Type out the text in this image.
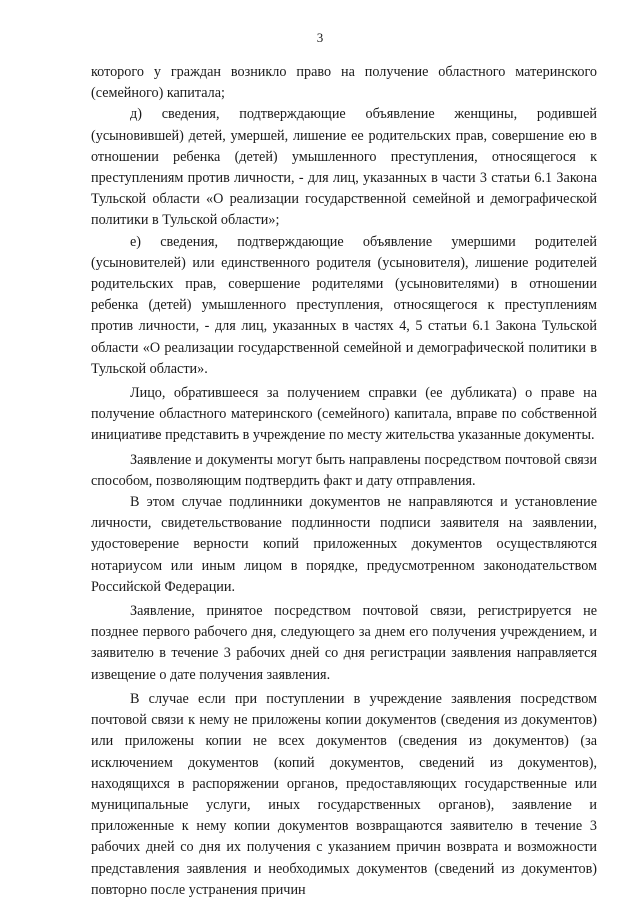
3

которого у граждан возникло право на получение областного материнского (семейного) капитала;

д) сведения, подтверждающие объявление женщины, родившей (усыновившей) детей, умершей, лишение ее родительских прав, совершение ею в отношении ребенка (детей) умышленного преступления, относящегося к преступлениям против личности, - для лиц, указанных в части 3 статьи 6.1 Закона Тульской области «О реализации государственной семейной и демографической политики в Тульской области»;

е) сведения, подтверждающие объявление умершими родителей (усыновителей) или единственного родителя (усыновителя), лишение родителей родительских прав, совершение родителями (усыновителями) в отношении ребенка (детей) умышленного преступления, относящегося к преступлениям против личности, - для лиц, указанных в частях 4, 5 статьи 6.1 Закона Тульской области «О реализации государственной семейной и демографической политики в Тульской области».

Лицо, обратившееся за получением справки (ее дубликата) о праве на получение областного материнского (семейного) капитала, вправе по собственной инициативе представить в учреждение по месту жительства указанные документы.

Заявление и документы могут быть направлены посредством почтовой связи способом, позволяющим подтвердить факт и дату отправления.

В этом случае подлинники документов не направляются и установление личности, свидетельствование подлинности подписи заявителя на заявлении, удостоверение верности копий приложенных документов осуществляются нотариусом или иным лицом в порядке, предусмотренном законодательством Российской Федерации.

Заявление, принятое посредством почтовой связи, регистрируется не позднее первого рабочего дня, следующего за днем его получения учреждением, и заявителю в течение 3 рабочих дней со дня регистрации заявления направляется извещение о дате получения заявления.

В случае если при поступлении в учреждение заявления посредством почтовой связи к нему не приложены копии документов (сведения из документов) или приложены копии не всех документов (сведения из документов) (за исключением документов (копий документов, сведений из документов), находящихся в распоряжении органов, предоставляющих государственные или муниципальные услуги, иных государственных органов), заявление и приложенные к нему копии документов возвращаются заявителю в течение 3 рабочих дней со дня их получения с указанием причин возврата и возможности представления заявления и необходимых документов (сведений из документов) повторно после устранения причин
